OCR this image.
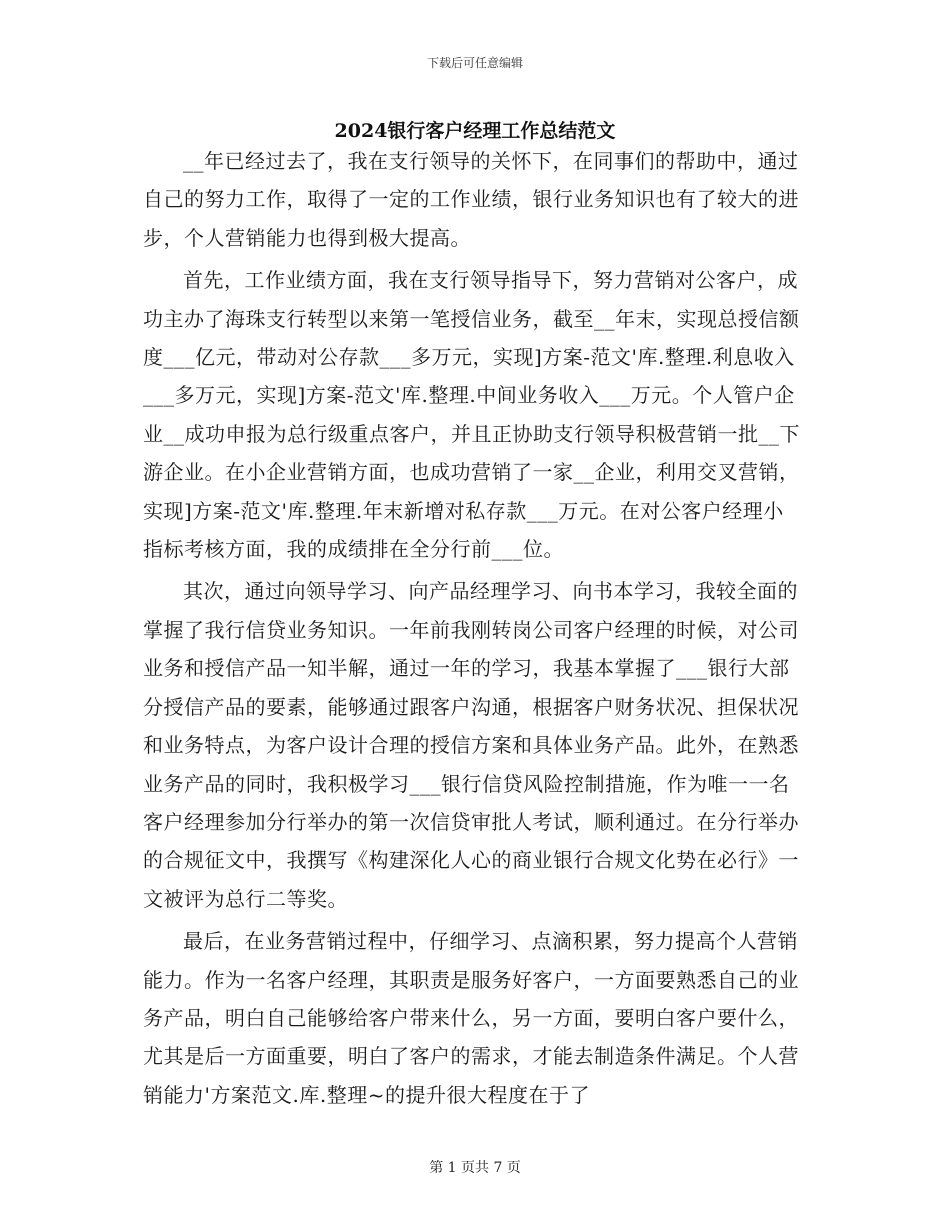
下载后可任意编辑
2024银行客户经理工作总结范文

__年已经过去了，我在支行领导的关怀下，在同事们的帮助中，通过自己的努力工作，取得了一定的工作业绩，银行业务知识也有了较大的进步，个人营销能力也得到极大提高。

首先，工作业绩方面，我在支行领导指导下，努力营销对公客户，成功主办了海珠支行转型以来第一笔授信业务，截至__年末，实现总授信额度___亿元，带动对公存款___多万元，实现]方案-范文'库.整理.利息收入___多万元，实现]方案-范文'库.整理.中间业务收入___万元。个人管户企业__成功申报为总行级重点客户，并且正协助支行领导积极营销一批__下游企业。在小企业营销方面，也成功营销了一家__企业，利用交叉营销，实现]方案-范文'库.整理.年末新增对私存款___万元。在对公客户经理小指标考核方面，我的成绩排在全分行前___位。

其次，通过向领导学习、向产品经理学习、向书本学习，我较全面的掌握了我行信贷业务知识。一年前我刚转岗公司客户经理的时候，对公司业务和授信产品一知半解，通过一年的学习，我基本掌握了___银行大部分授信产品的要素，能够通过跟客户沟通，根据客户财务状况、担保状况和业务特点，为客户设计合理的授信方案和具体业务产品。此外，在熟悉业务产品的同时，我积极学习___银行信贷风险控制措施，作为唯一一名客户经理参加分行举办的第一次信贷审批人考试，顺利通过。在分行举办的合规征文中，我撰写《构建深化人心的商业银行合规文化势在必行》一文被评为总行二等奖。

最后，在业务营销过程中，仔细学习、点滴积累，努力提高个人营销能力。作为一名客户经理，其职责是服务好客户，一方面要熟悉自己的业务产品，明白自己能够给客户带来什么，另一方面，要明白客户要什么，尤其是后一方面重要，明白了客户的需求，才能去制造条件满足。个人营销能力'方案范文.库.整理~的提升很大程度在于了

第 1 页共 7 页
